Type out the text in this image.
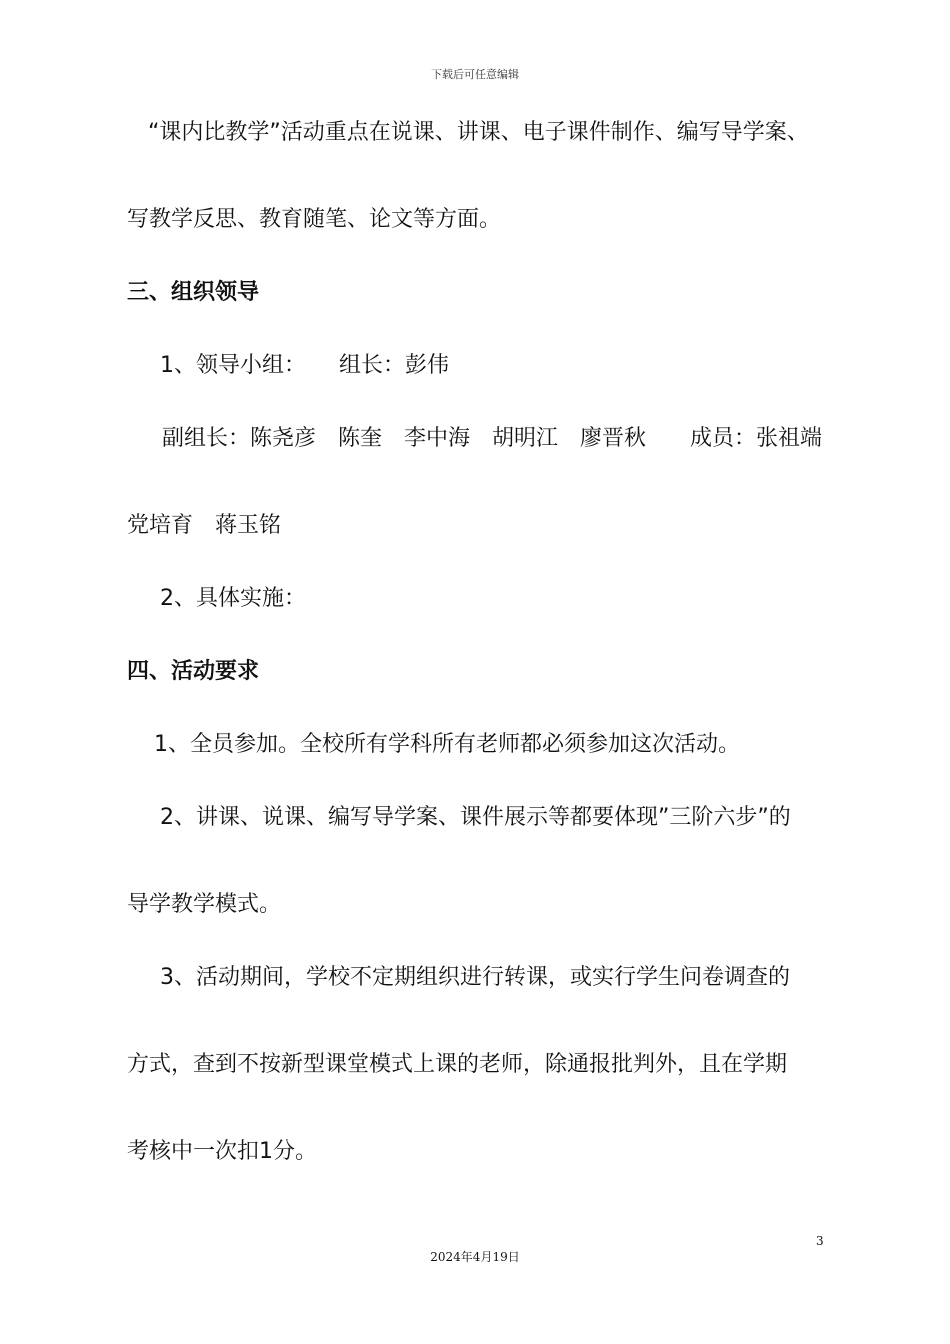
下载后可任意编辑
“课内比教学”活动重点在说课、讲课、电子课件制作、编写导学案、
写教学反思、教育随笔、论文等方面。
三、组织领导
1、领导小组：　　组长：彭伟
副组长：陈尧彦　陈奎　李中海　胡明江　廖晋秋　　成员：张祖端
党培育　蒋玉铭
2、具体实施：
四、活动要求
1、全员参加。全校所有学科所有老师都必须参加这次活动。
2、讲课、说课、编写导学案、课件展示等都要体现”三阶六步”的
导学教学模式。
3、活动期间，学校不定期组织进行转课，或实行学生问卷调查的
方式，查到不按新型课堂模式上课的老师，除通报批判外，且在学期
考核中一次扣1分。
3
2024年4月19日
